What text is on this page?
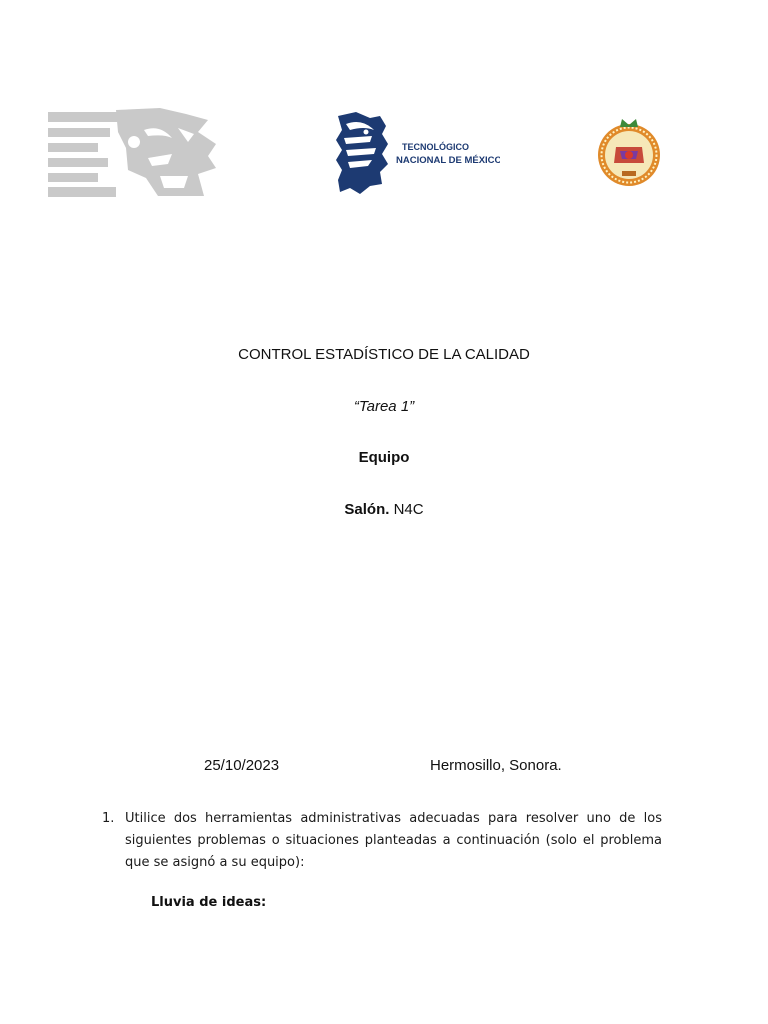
TECNOLÓGICO
NACIONAL DE MÉXICO
CONTROL ESTADÍSTICO DE LA CALIDAD
“Tarea 1”
Equipo
Salón. N4C
25/10/2023	Hermosillo, Sonora.
1. Utilice dos herramientas administrativas adecuadas para resolver uno de los siguientes problemas o situaciones planteadas a continuación (solo el problema que se asignó a su equipo):
Lluvia de ideas:
